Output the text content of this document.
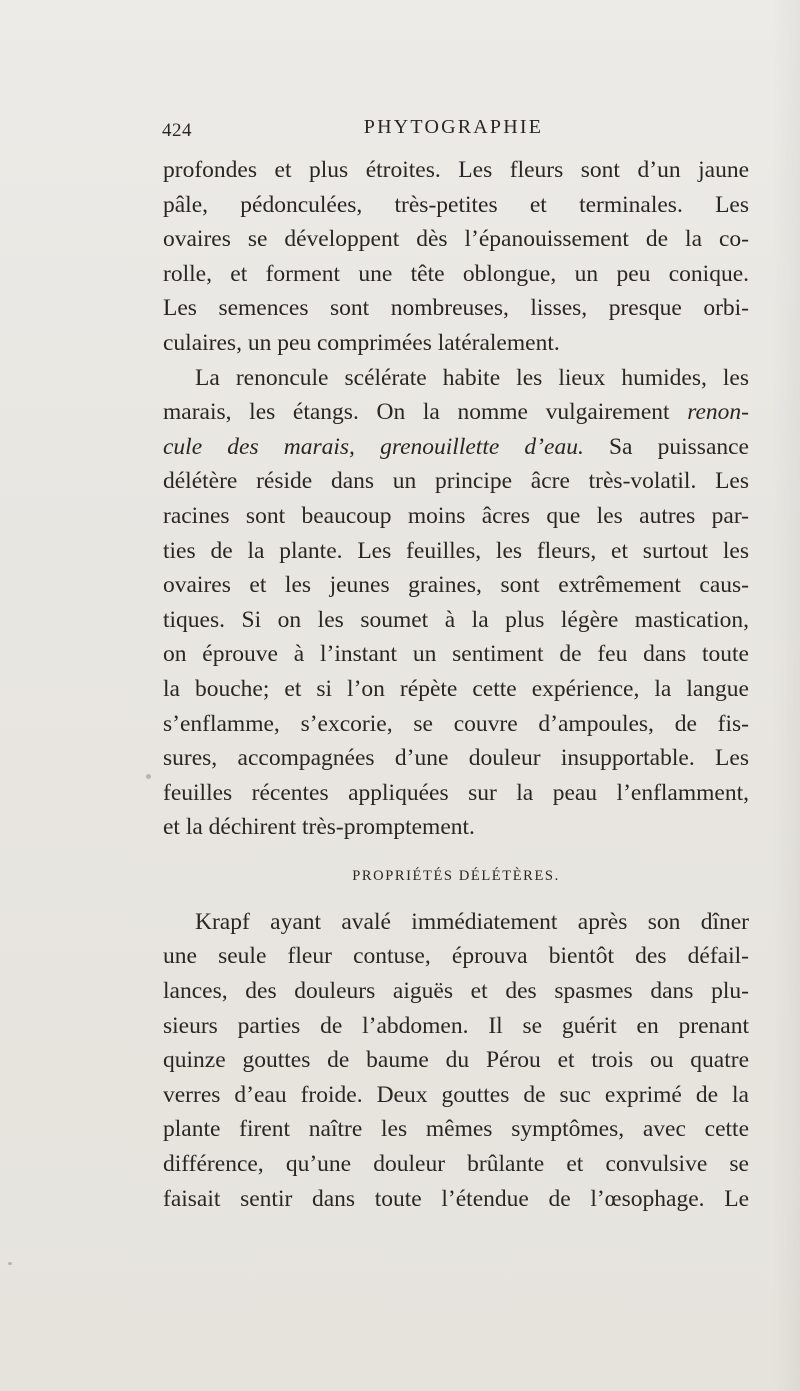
424	PHYTOGRAPHIE
profondes et plus étroites. Les fleurs sont d’un jaune
pâle, pédonculées, très-petites et terminales. Les
ovaires se développent dès l’épanouissement de la co-
rolle, et forment une tête oblongue, un peu conique.
Les semences sont nombreuses, lisses, presque orbi-
culaires, un peu comprimées latéralement.
La renoncule scélérate habite les lieux humides, les
marais, les étangs. On la nomme vulgairement renon-
cule des marais, grenouillette d’eau. Sa puissance
délétère réside dans un principe âcre très-volatil. Les
racines sont beaucoup moins âcres que les autres par-
ties de la plante. Les feuilles, les fleurs, et surtout les
ovaires et les jeunes graines, sont extrêmement caus-
tiques. Si on les soumet à la plus légère mastication,
on éprouve à l’instant un sentiment de feu dans toute
la bouche; et si l’on répète cette expérience, la langue
s’enflamme, s’excorie, se couvre d’ampoules, de fis-
sures, accompagnées d’une douleur insupportable. Les
feuilles récentes appliquées sur la peau l’enflamment,
et la déchirent très-promptement.
PROPRIÉTÉS DÉLÉTÈRES.
Krapf ayant avalé immédiatement après son dîner
une seule fleur contuse, éprouva bientôt des défail-
lances, des douleurs aiguës et des spasmes dans plu-
sieurs parties de l’abdomen. Il se guérit en prenant
quinze gouttes de baume du Pérou et trois ou quatre
verres d’eau froide. Deux gouttes de suc exprimé de la
plante firent naître les mêmes symptômes, avec cette
différence, qu’une douleur brûlante et convulsive se
faisait sentir dans toute l’étendue de l’œsophage. Le
